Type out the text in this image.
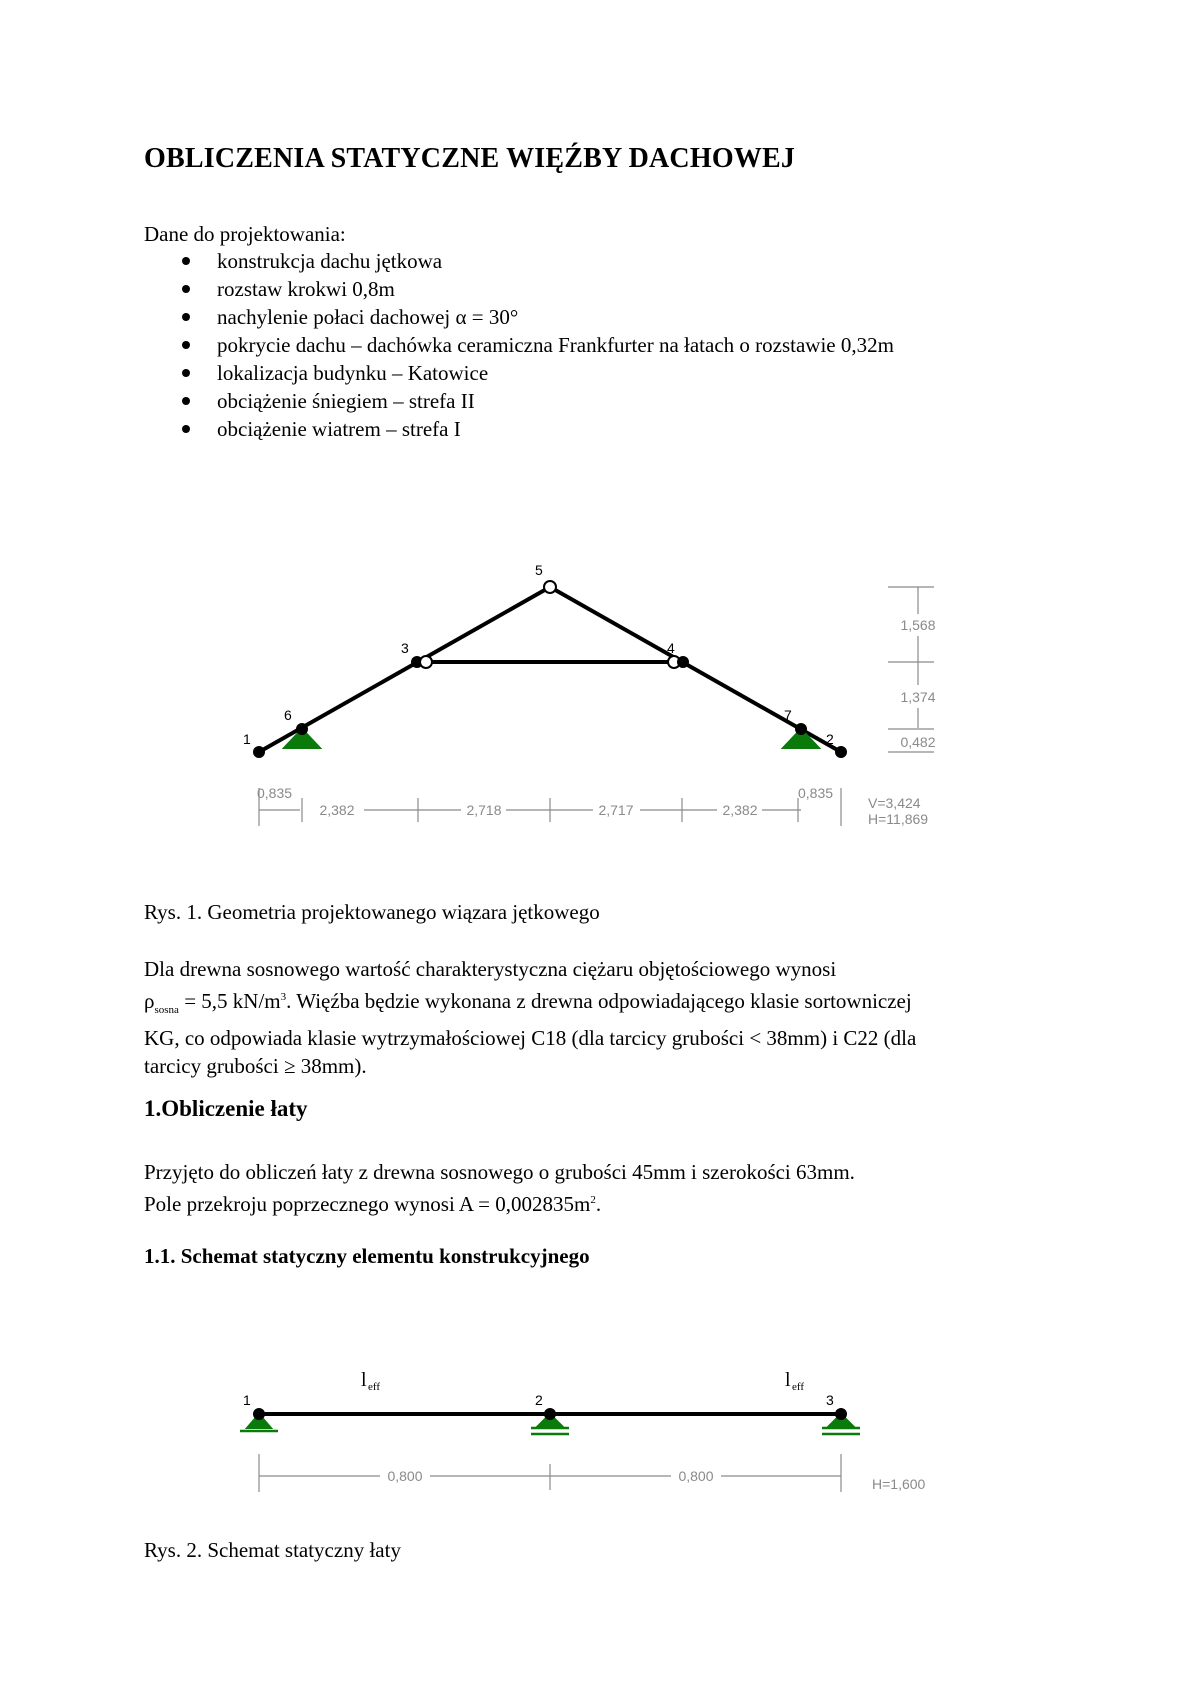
OBLICZENIA STATYCZNE WIĘŹBY DACHOWEJ
Dane do projektowania:
konstrukcja dachu jętkowa
rozstaw krokwi 0,8m
nachylenie połaci dachowej α = 30°
pokrycie dachu – dachówka ceramiczna Frankfurter na łatach o rozstawie 0,32m
lokalizacja budynku – Katowice
obciążenie śniegiem – strefa II
obciążenie wiatrem – strefa I
1	2
3	4
5
6	7
0,835
2,382	2,718	2,717	2,382
0,835
1,568
1,374
0,482
V=3,424
H=11,869
Rys. 1. Geometria projektowanego wiązara jętkowego
Dla drewna sosnowego wartość charakterystyczna ciężaru objętościowego wynosi
$\rho_{sosna} = 5,5$ $kN/m^3$. Więźba będzie wykonana z drewna odpowiadającego klasie sortowniczej
KG, co odpowiada klasie wytrzymałościowej C18 (dla tarcicy grubości < 38mm) i C22 (dla
tarcicy grubości ≥ 38mm).
1.Obliczenie łaty
Przyjęto do obliczeń łaty z drewna sosnowego o grubości 45mm i szerokości 63mm.
Pole przekroju poprzecznego wynosi $A = 0,002835m^2$.
1.1. Schemat statyczny elementu konstrukcyjnego
1	2	3
l eff	l eff
0,800	0,800	H=1,600
Rys. 2. Schemat statyczny łaty
